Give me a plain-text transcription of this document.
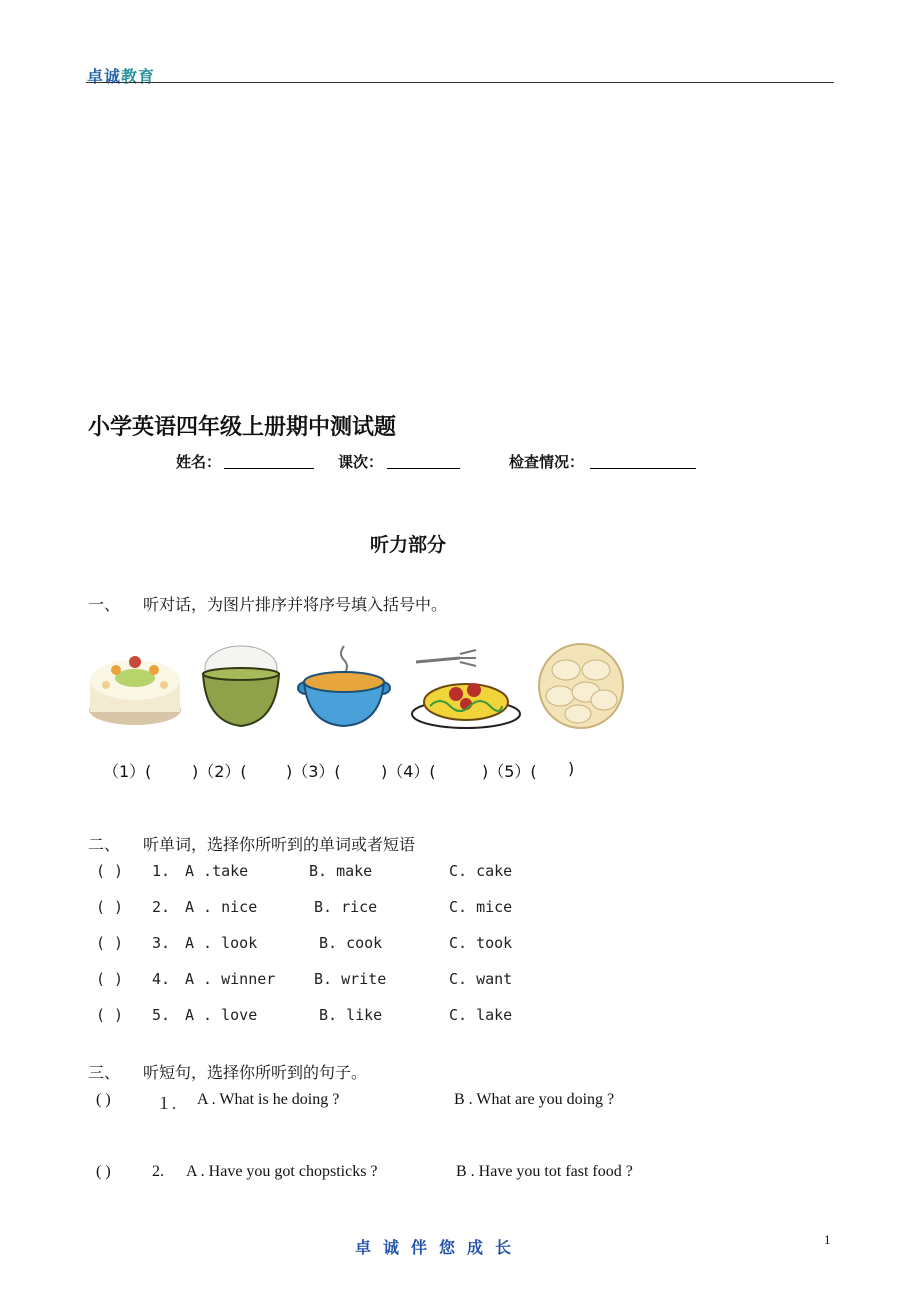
卓诚教育
小学英语四年级上册期中测试题
姓名：	课次：	检查情况：
听力部分
一、 听对话，为图片排序并将序号填入括号中。
（1）(	)（2）( )（3）(	)（4）(	)（5）( )
二、 听单词，选择你所听到的单词或者短语
( ) 1. A .take	B. make	C. cake
( ) 2. A . nice	B. rice	C. mice
( ) 3. A . look	B. cook	C. took
( ) 4. A . winner	B. write	C. want
( ) 5. A . love	B. like	C. lake
三、 听短句，选择你所听到的句子。
( )	１. A . What is he doing ?	B . What are you doing ?
( )	2. A . Have you got chopsticks ?	B . Have you tot fast food ?
卓诚伴您成长	1
